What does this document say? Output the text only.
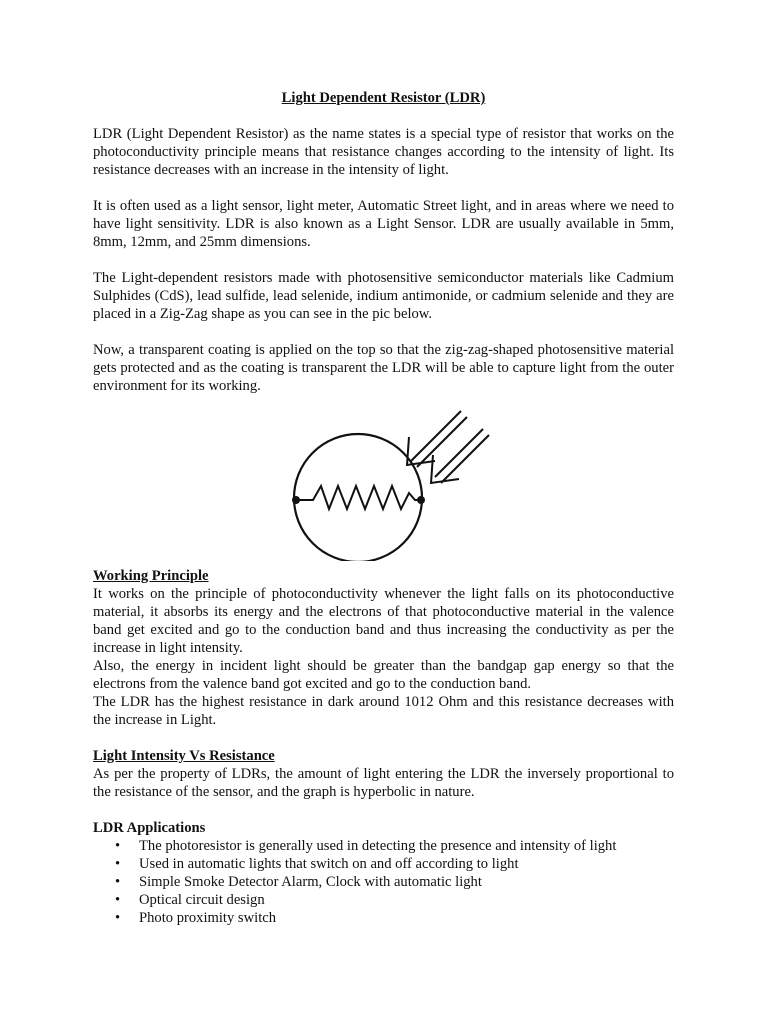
Light Dependent Resistor (LDR)

LDR (Light Dependent Resistor) as the name states is a special type of resistor that works on the photoconductivity principle means that resistance changes according to the intensity of light. Its resistance decreases with an increase in the intensity of light.

It is often used as a light sensor, light meter, Automatic Street light, and in areas where we need to have light sensitivity. LDR is also known as a Light Sensor. LDR are usually available in 5mm, 8mm, 12mm, and 25mm dimensions.

The Light-dependent resistors made with photosensitive semiconductor materials like Cadmium Sulphides (CdS), lead sulfide, lead selenide, indium antimonide, or cadmium selenide and they are placed in a Zig-Zag shape as you can see in the pic below.

Now, a transparent coating is applied on the top so that the zig-zag-shaped photosensitive material gets protected and as the coating is transparent the LDR will be able to capture light from the outer environment for its working.

Working Principle

It works on the principle of photoconductivity whenever the light falls on its photoconductive material, it absorbs its energy and the electrons of that photoconductive material in the valence band get excited and go to the conduction band and thus increasing the conductivity as per the increase in light intensity.

Also, the energy in incident light should be greater than the bandgap gap energy so that the electrons from the valence band got excited and go to the conduction band.

The LDR has the highest resistance in dark around 1012 Ohm and this resistance decreases with the increase in Light.

Light Intensity Vs Resistance

As per the property of LDRs, the amount of light entering the LDR the inversely proportional to the resistance of the sensor, and the graph is hyperbolic in nature.

LDR Applications
• The photoresistor is generally used in detecting the presence and intensity of light
• Used in automatic lights that switch on and off according to light
• Simple Smoke Detector Alarm, Clock with automatic light
• Optical circuit design
• Photo proximity switch
